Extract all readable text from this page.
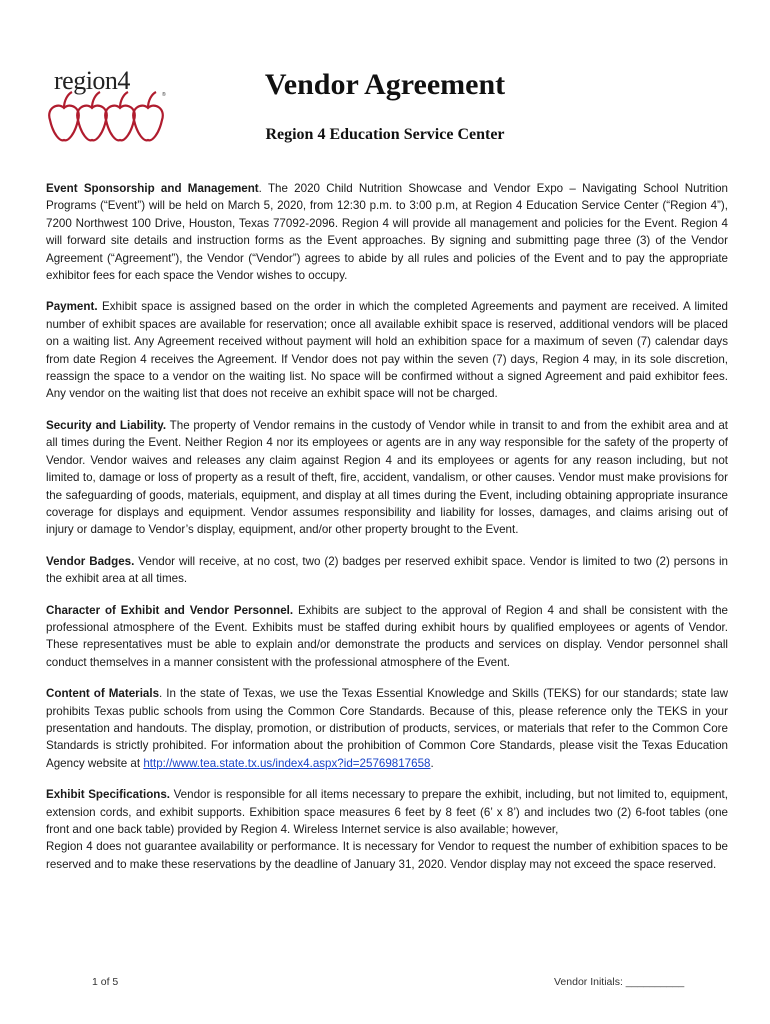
region4	®	Vendor Agreement
Region 4 Education Service Center

Event Sponsorship and Management. The 2020 Child Nutrition Showcase and Vendor Expo – Navigating School Nutrition Programs (“Event”) will be held on March 5, 2020, from 12:30 p.m. to 3:00 p.m, at Region 4 Education Service Center (“Region 4”), 7200 Northwest 100 Drive, Houston, Texas 77092-2096. Region 4 will provide all management and policies for the Event. Region 4 will forward site details and instruction forms as the Event approaches. By signing and submitting page three (3) of the Vendor Agreement (“Agreement”), the Vendor (“Vendor”) agrees to abide by all rules and policies of the Event and to pay the appropriate exhibitor fees for each space the Vendor wishes to occupy.

Payment. Exhibit space is assigned based on the order in which the completed Agreements and payment are received. A limited number of exhibit spaces are available for reservation; once all available exhibit space is reserved, additional vendors will be placed on a waiting list. Any Agreement received without payment will hold an exhibition space for a maximum of seven (7) calendar days from date Region 4 receives the Agreement. If Vendor does not pay within the seven (7) days, Region 4 may, in its sole discretion, reassign the space to a vendor on the waiting list. No space will be confirmed without a signed Agreement and paid exhibitor fees. Any vendor on the waiting list that does not receive an exhibit space will not be charged.

Security and Liability. The property of Vendor remains in the custody of Vendor while in transit to and from the exhibit area and at all times during the Event. Neither Region 4 nor its employees or agents are in any way responsible for the safety of the property of Vendor. Vendor waives and releases any claim against Region 4 and its employees or agents for any reason including, but not limited to, damage or loss of property as a result of theft, fire, accident, vandalism, or other causes. Vendor must make provisions for the safeguarding of goods, materials, equipment, and display at all times during the Event, including obtaining appropriate insurance coverage for displays and equipment. Vendor assumes responsibility and liability for losses, damages, and claims arising out of injury or damage to Vendor’s display, equipment, and/or other property brought to the Event.

Vendor Badges. Vendor will receive, at no cost, two (2) badges per reserved exhibit space. Vendor is limited to two (2) persons in the exhibit area at all times.

Character of Exhibit and Vendor Personnel. Exhibits are subject to the approval of Region 4 and shall be consistent with the professional atmosphere of the Event. Exhibits must be staffed during exhibit hours by qualified employees or agents of Vendor. These representatives must be able to explain and/or demonstrate the products and services on display. Vendor personnel shall conduct themselves in a manner consistent with the professional atmosphere of the Event.

Content of Materials. In the state of Texas, we use the Texas Essential Knowledge and Skills (TEKS) for our standards; state law prohibits Texas public schools from using the Common Core Standards. Because of this, please reference only the TEKS in your presentation and handouts. The display, promotion, or distribution of products, services, or materials that refer to the Common Core Standards is strictly prohibited. For information about the prohibition of Common Core Standards, please visit the Texas Education Agency website at http://www.tea.state.tx.us/index4.aspx?id=25769817658.

Exhibit Specifications. Vendor is responsible for all items necessary to prepare the exhibit, including, but not limited to, equipment, extension cords, and exhibit supports. Exhibition space measures 6 feet by 8 feet (6’ x 8’) and includes two (2) 6-foot tables (one front and one back table) provided by Region 4. Wireless Internet service is also available; however,

Region 4 does not guarantee availability or performance. It is necessary for Vendor to request the number of exhibition spaces to be reserved and to make these reservations by the deadline of January 31, 2020. Vendor display may not exceed the space reserved.

1 of 5	Vendor Initials: __________
